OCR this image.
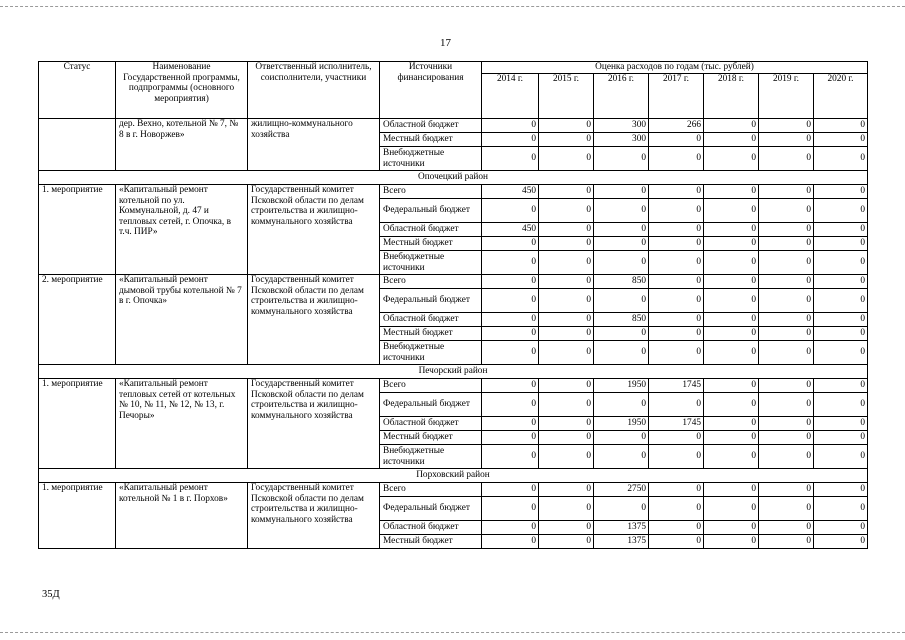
17
Статус	Наименование Государственной программы, подпрограммы (основного мероприятия)	Ответственный исполнитель, соисполнители, участники	Источники финансирования	Оценка расходов по годам (тыс. рублей)						
				2014 г.	2015 г.	2016 г.	2017 г.	2018 г.	2019 г.	2020 г.
	дер. Вехно, котельной № 7, № 8 в г. Новоржев»	жилищно-коммунального хозяйства	Областной бюджет	0	0	300	266	0	0	0
			Местный бюджет	0	0	300	0	0	0	0
			Внебюджетные источники	0	0	0	0	0	0	0
Опочецкий район										
1. мероприятие	«Капитальный ремонт котельной по ул. Коммунальной, д. 47 и тепловых сетей, г. Опочка, в т.ч. ПИР»	Государственный комитет Псковской области по делам строительства и жилищно-коммунального хозяйства	Всего	450	0	0	0	0	0	0
			Федеральный бюджет	0	0	0	0	0	0	0
			Областной бюджет	450	0	0	0	0	0	0
			Местный бюджет	0	0	0	0	0	0	0
			Внебюджетные источники	0	0	0	0	0	0	0
2. мероприятие	«Капитальный ремонт дымовой трубы котельной № 7 в г. Опочка»	Государственный комитет Псковской области по делам строительства и жилищно-коммунального хозяйства	Всего	0	0	850	0	0	0	0
			Федеральный бюджет	0	0	0	0	0	0	0
			Областной бюджет	0	0	850	0	0	0	0
			Местный бюджет	0	0	0	0	0	0	0
			Внебюджетные источники	0	0	0	0	0	0	0
Печорский район										
1. мероприятие	«Капитальный ремонт тепловых сетей от котельных № 10, № 11, № 12, № 13, г. Печоры»	Государственный комитет Псковской области по делам строительства и жилищно-коммунального хозяйства	Всего	0	0	1950	1745	0	0	0
			Федеральный бюджет	0	0	0	0	0	0	0
			Областной бюджет	0	0	1950	1745	0	0	0
			Местный бюджет	0	0	0	0	0	0	0
			Внебюджетные источники	0	0	0	0	0	0	0
Порховский район										
1. мероприятие	«Капитальный ремонт котельной № 1 в г. Порхов»	Государственный комитет Псковской области по делам строительства и жилищно-коммунального хозяйства	Всего	0	0	2750	0	0	0	0
			Федеральный бюджет	0	0	0	0	0	0	0
			Областной бюджет	0	0	1375	0	0	0	0
			Местный бюджет	0	0	1375	0	0	0	0
35Д
